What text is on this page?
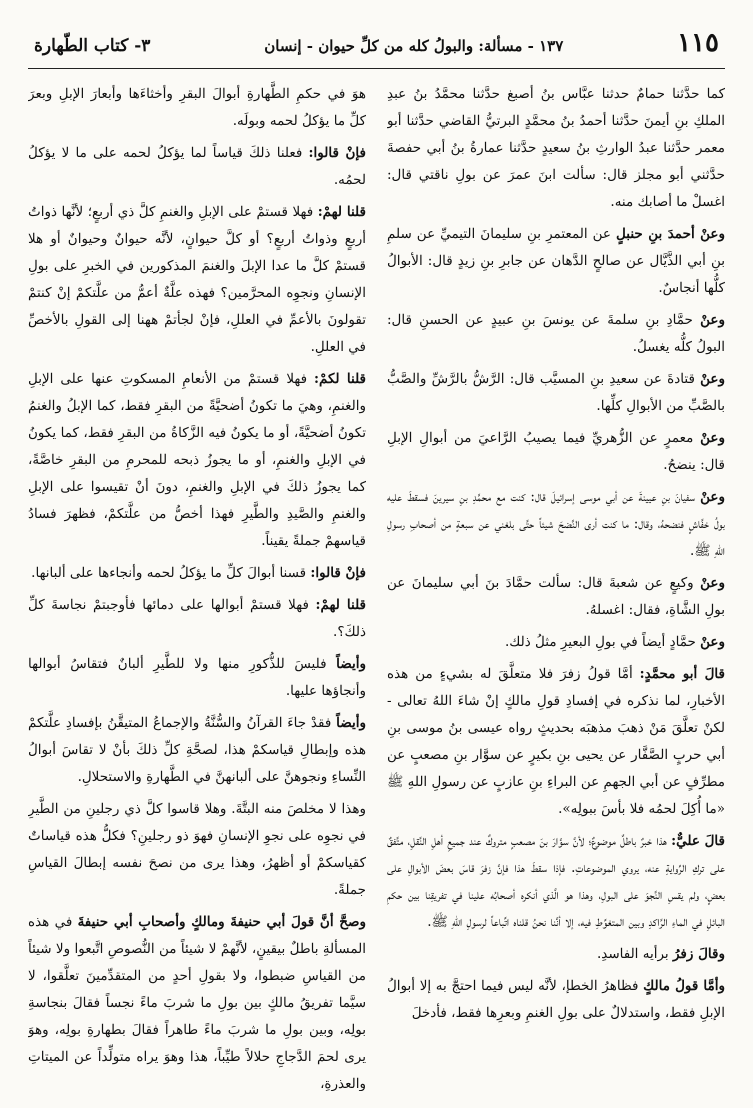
١١٥
١٣٧ - مسألة: والبولُ كله من كلِّ حيوان - إنسان
٣- كتاب الطّهارة

كما حدَّثنا حمامٌ حدثنا عبَّاس بنُ أصبغ حدَّثنا محمَّدُ بنُ عبدِ الملكِ بنِ أيمنَ حدَّثنا أحمدُ بنُ محمَّدٍ البرتيُّ القاضي حدَّثنا أبو معمر حدَّثنا عبدُ الوارثِ بنُ سعيدٍ حدَّثنا عمارةُ بنُ أبي حفصةَ حدَّثني أبو مجلز قال: سألت ابنَ عمرَ عن بولِ ناقتي قال: اغسلْ ما أصابك منه.

وعنْ أحمدَ بنِ حنبلٍ عن المعتمرِ بنِ سليمانَ التيميِّ عن سلمِ بنِ أبي الذَّيَّال عن صالحٍ الدَّهان عن جابرِ بنِ زيدٍ قال: الأبوالُ كلُّها أنجاسٌ.

وعنْ حمَّادِ بنِ سلمةَ عن يونسَ بنِ عبيدٍ عن الحسنِ قال: البولُ كلُّه يغسلُ.

وعنْ قتادةَ عن سعيدِ بنِ المسيَّب قال: الرَّشُّ بالرَّشِّ والصَّبُّ بالصَّبِّ من الأبوالِ كلِّها.

وعنْ معمرٍ عن الزُّهريِّ فيما يصيبُ الرَّاعيَ من أبوالِ الإبلِ قال: ينضحُ.

وعنْ سفيانَ بنِ عيينةَ عن أبي موسى إسرائيلَ قال: كنت مع محمَّدِ بنِ سيرينَ فسقطَ عليه بولُ خفَّاشٍ فنضحهُ، وقال: ما كنت أرى النَّضحَ شيئاً حتَّى بلغني عن سبعةٍ من أصحابِ رسولِ اللهِ ﷺ.

وعنْ وكيعٍ عن شعبةَ قال: سألت حمَّادَ بنَ أبي سليمانَ عن بولِ الشَّاةِ، فقال: اغسلهُ.

وعنْ حمَّادٍ أيضاً في بولِ البعيرِ مثلُ ذلك.

قالَ أبو محمَّدٍ: أمَّا قولُ زفرَ فلا متعلَّقَ له بشيءٍ من هذه الأخبارِ، لما نذكره في إفسادِ قولِ مالكٍ إنْ شاءَ اللهُ تعالى - لكنْ تعلَّقَ مَنْ ذهبَ مذهبَه بحديثٍ رواه عيسى بنُ موسى بنِ أبي حربٍ الصَّفَّار عن يحيى بنِ بكيرٍ عن سوَّار بنِ مصعبٍ عن مطرِّفٍ عن أبي الجهمِ عن البراءِ بنِ عازبٍ عن رسولِ اللهِ ﷺ «ما أُكِلَ لحمُه فلا بأسَ ببولِه».

قالَ عليٌّ: هذا خبرٌ باطلٌ موضوعٌ؛ لأنَّ سوَّارَ بنَ مصعبٍ متروكٌ عند جميعِ أهلِ النَّقلِ، متَّفقٌ على تركِ الرِّوايةِ عنه، يروي الموضوعاتِ. فإذا سقطَ هذا فإنَّ زفرَ قاسَ بعضَ الأبوالِ على بعضٍ، ولم يقسِ النَّجوَ على البولِ، وهذا هو الَّذي أنكره أصحابُه علينا في تفريقِنا بين حكمِ البائلِ في الماءِ الرَّاكدِ وبين المتغوِّطِ فيه، إلا أنَّنا نحنُ قلناه اتِّباعاً لرسولِ اللهِ ﷺ.

وقالَ زفرُ برأيه الفاسدِ.

وأمَّا قولُ مالكٍ فظاهرُ الخطإ، لأنَّه ليس فيما احتجَّ به إلا أبوالُ الإبلِ فقط، واستدلالٌ على بولِ الغنمِ وبعرِها فقط، فأدخلَ

هوَ في حكمِ الطَّهارةِ أبوالَ البقرِ وأخثاءَها وأبعارَ الإبلِ وبعرَ كلِّ ما يؤكلُ لحمه وبولَه.

فإنْ قالوا: فعلنا ذلكَ قياساً لما يؤكلُ لحمه على ما لا يؤكلُ لحمُه.

قلنا لهمْ: فهلا قستمْ على الإبلِ والغنمِ كلَّ ذي أربعٍ؛ لأنَّها ذواتُ أربعٍ وذواتُ أربعٍ؟ أو كلَّ حيوانٍ، لأنَّه حيوانٌ وحيوانٌ أو هلا قستمْ كلَّ ما عدا الإبلَ والغنمَ المذكورين في الخبرِ على بولِ الإنسانِ ونجوِه المحرَّمين؟ فهذه علَّةٌ أعمُّ من علَّتكمْ إنْ كنتمْ تقولونَ بالأعمِّ في العللِ، فإنْ لجأتمْ ههنا إلى القولِ بالأخصِّ في العللِ.

قلنا لكمْ: فهلا قستمْ من الأنعامِ المسكوتِ عنها على الإبلِ والغنمِ، وهيَ ما تكونُ أضحيَّةً من البقرِ فقط، كما الإبلُ والغنمُ تكونُ أضحيَّةً، أو ما يكونُ فيه الزَّكاةُ من البقرِ فقط، كما يكونُ في الإبلِ والغنمِ، أو ما يجوزُ ذبحه للمحرمِ من البقرِ خاصَّةً، كما يجوزُ ذلكَ في الإبلِ والغنمِ، دونَ أنْ تقيسوا على الإبلِ والغنمِ والصَّيدِ والطَّيرِ فهذا أخصُّ من علَّتكمْ، فظهرَ فسادُ قياسهمْ جملةً يقيناً.

فإنْ قالوا: قسنا أبوالَ كلِّ ما يؤكلُ لحمه وأنجاءها على ألبانها.

قلنا لهمْ: فهلا قستمْ أبوالها على دمائها فأوجبتمْ نجاسةَ كلِّ ذلكَ؟.

وأيضاً فليسَ للذُّكورِ منها ولا للطَّيرِ ألبانٌ فتقاسُ أبوالها وأنجاؤها عليها.

وأيضاً فقدْ جاءَ القرآنُ والسُّنَّةُ والإجماعُ المتيقَّنُ بإفسادِ علَّتكمْ هذه وإبطالِ قياسكمْ هذا، لصحَّةِ كلِّ ذلكَ بأنْ لا تقاسَ أبوالُ النِّساءِ ونجوهنَّ على ألبانهنَّ في الطَّهارةِ والاستحلالِ.

وهذا لا مخلصَ منه البتَّةَ. وهلا قاسوا كلَّ ذي رجلينِ من الطَّيرِ في نجوِه على نجوِ الإنسانِ فهوَ ذو رجلينِ؟ فكلُّ هذه قياساتٌ كقياسكمْ أو أظهرُ، وهذا يرى من نصحَ نفسه إبطالَ القياسِ جملةً.

وصحَّ أنَّ قولَ أبي حنيفةَ ومالكٍ وأصحابِ أبي حنيفةَ في هذه المسألةِ باطلٌ بيقينٍ، لأنَّهمْ لا شيئاً من النُّصوصِ اتَّبعوا ولا شيئاً من القياسِ ضبطوا، ولا بقولِ أحدٍ من المتقدِّمينَ تعلَّقوا، لا سيَّما تفريقُ مالكٍ بين بولِ ما شربَ ماءً نجساً فقالَ بنجاسةِ بولِه، وبين بولِ ما شربَ ماءً طاهراً فقالَ بطهارةِ بولِه، وهوَ يرى لحمَ الدَّجاجِ حلالاً طيِّباً، هذا وهوَ يراه متولِّداً عن الميتاتِ والعذرةِ،
